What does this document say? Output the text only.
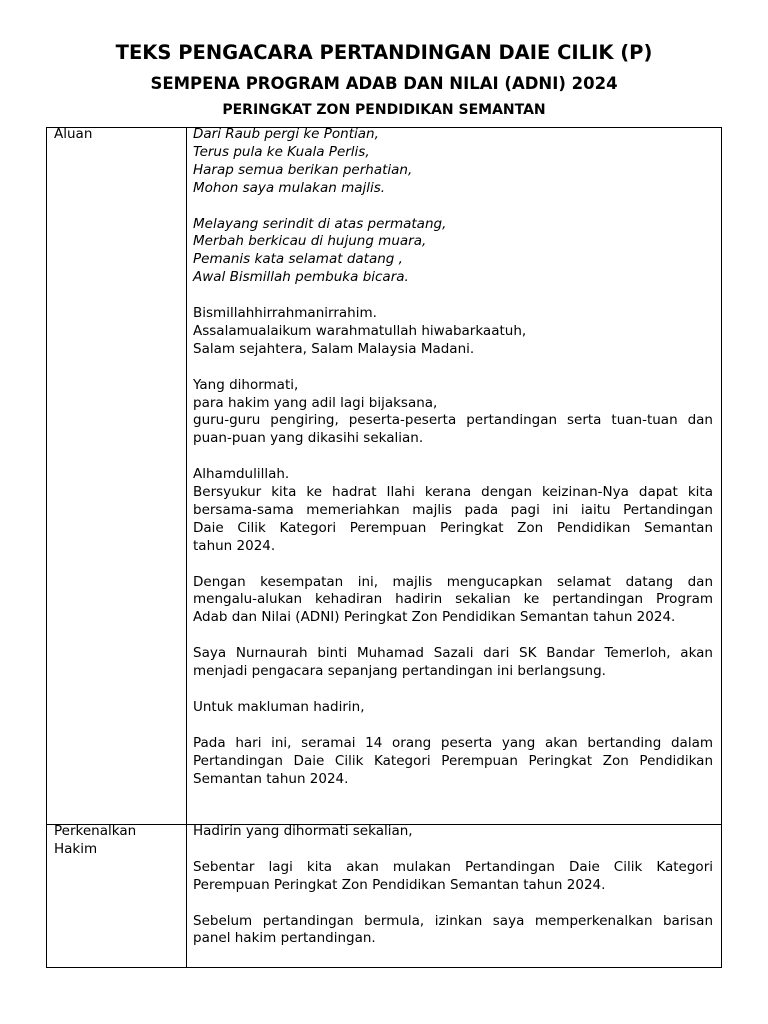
TEKS PENGACARA PERTANDINGAN DAIE CILIK (P)
SEMPENA PROGRAM ADAB DAN NILAI (ADNI) 2024
PERINGKAT ZON PENDIDIKAN SEMANTAN
Aluan	Dari Raub pergi ke Pontian,
Terus pula ke Kuala Perlis,
Harap semua berikan perhatian,
Mohon saya mulakan majlis.
Melayang serindit di atas permatang,
Merbah berkicau di hujung muara,
Pemanis kata selamat datang ,
Awal Bismillah pembuka bicara.
Bismillahhirrahmanirrahim.
Assalamualaikum warahmatullah hiwabarkaatuh,
Salam sejahtera, Salam Malaysia Madani.
Yang dihormati,
para hakim yang adil lagi bijaksana,
guru-guru pengiring, peserta-peserta pertandingan serta tuan-tuan dan
puan-puan yang dikasihi sekalian.
Alhamdulillah.
Bersyukur kita ke hadrat Ilahi kerana dengan keizinan-Nya dapat kita
bersama-sama memeriahkan majlis pada pagi ini iaitu Pertandingan
Daie Cilik Kategori Perempuan Peringkat Zon Pendidikan Semantan
tahun 2024.
Dengan kesempatan ini, majlis mengucapkan selamat datang dan
mengalu-alukan kehadiran hadirin sekalian ke pertandingan Program
Adab dan Nilai (ADNI) Peringkat Zon Pendidikan Semantan tahun 2024.
Saya Nurnaurah binti Muhamad Sazali dari SK Bandar Temerloh, akan
menjadi pengacara sepanjang pertandingan ini berlangsung.
Untuk makluman hadirin,
Pada hari ini, seramai 14 orang peserta yang akan bertanding dalam
Pertandingan Daie Cilik Kategori Perempuan Peringkat Zon Pendidikan
Semantan tahun 2024.
Perkenalkan Hakim
Hadirin yang dihormati sekalian,
Sebentar lagi kita akan mulakan Pertandingan Daie Cilik Kategori
Perempuan Peringkat Zon Pendidikan Semantan tahun 2024.
Sebelum pertandingan bermula, izinkan saya memperkenalkan barisan
panel hakim pertandingan.
